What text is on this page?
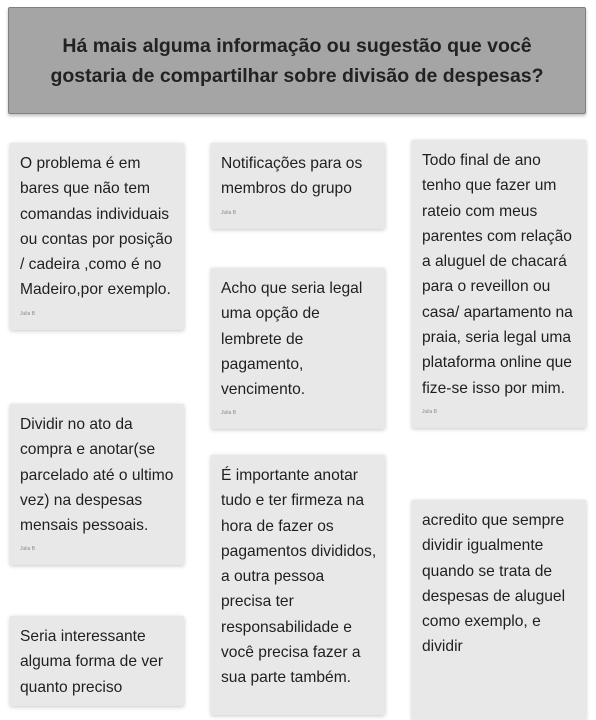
Há mais alguma informação ou sugestão que você gostaria de compartilhar sobre divisão de despesas?

O problema é em bares que não tem comandas individuais ou contas por posição / cadeira ,como é no Madeiro,por exemplo.

Julia B

Dividir no ato da compra e anotar(se parcelado até o ultimo vez) na despesas mensais pessoais.

Julia B

Seria interessante alguma forma de ver quanto preciso

Notificações para os membros do grupo

Julia B

Acho que seria legal uma opção de lembrete de pagamento, vencimento.

Julia B

É importante anotar tudo e ter firmeza na hora de fazer os pagamentos divididos, a outra pessoa precisa ter responsabilidade e você precisa fazer a sua parte também.

Todo final de ano tenho que fazer um rateio com meus parentes com relação a aluguel de chacará para o reveillon ou casa/ apartamento na praia, seria legal uma plataforma online que fize-se isso por mim.

Julia B

acredito que sempre dividir igualmente quando se trata de despesas de aluguel como exemplo, e dividir
